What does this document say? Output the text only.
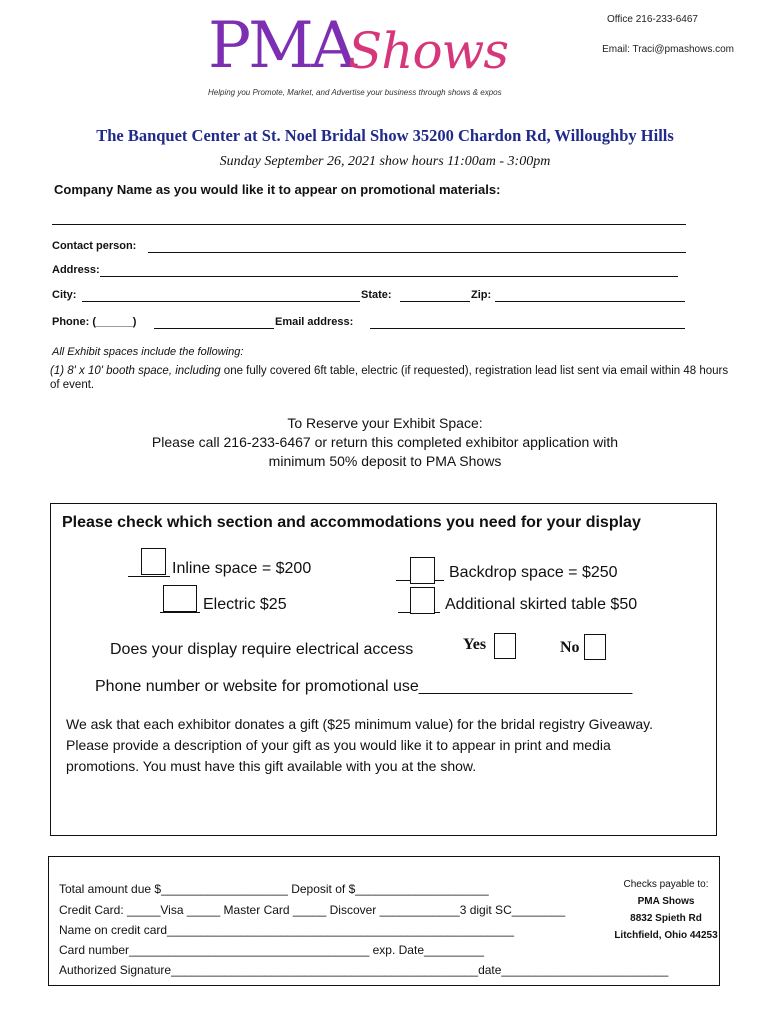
PMA
Shows
Helping you Promote, Market, and Advertise your business through shows & expos
Office 216-233-6467
Email: Traci@pmashows.com
The Banquet Center at St. Noel Bridal Show 35200 Chardon Rd, Willoughby Hills
Sunday September 26, 2021 show hours 11:00am - 3:00pm
Company Name as you would like it to appear on promotional materials:
Contact person:
Address:
City:	State:	Zip:
Phone: (______)	Email address:
All Exhibit spaces include the following:
(1) 8' x 10' booth space, including one fully covered 6ft table, electric (if requested), registration lead list sent via email within 48 hours of event.
To Reserve your Exhibit Space:
Please call 216-233-6467 or return this completed exhibitor application with
minimum 50% deposit to PMA Shows
Please check which section and accommodations you need for your display
Inline space = $200	Backdrop space = $250
Electric $25	Additional skirted table $50
Does your display require electrical access	Yes	No
Phone number or website for promotional use________________________
We ask that each exhibitor donates a gift ($25 minimum value) for the bridal registry Giveaway. Please provide a description of your gift as you would like it to appear in print and media promotions. You must have this gift available with you at the show.
Total amount due $___________________ Deposit of $____________________
Credit Card: _____Visa _____ Master Card _____ Discover ____________3 digit SC________
Name on credit card____________________________________________________
Card number____________________________________ exp. Date_________
Authorized Signature______________________________________________date_________________________
Checks payable to:
PMA Shows
8832 Spieth Rd
Litchfield, Ohio 44253
